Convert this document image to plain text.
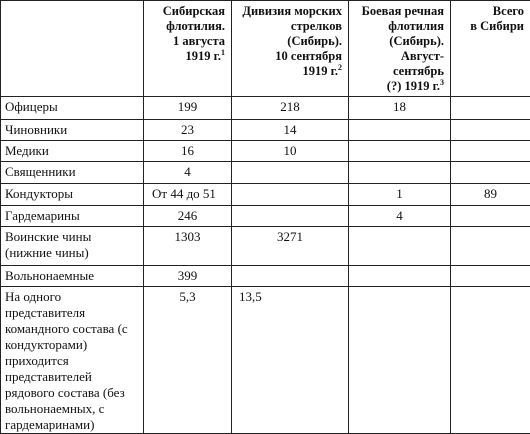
	Сибирская
флотилия.
1 августа
1919 г.$^1$	Дивизия морских
стрелков
(Сибирь).
10 сентября
1919 г.$^2$	Боевая речная
флотилия
(Сибирь).
Август-сентябрь
(?) 1919 г.$^3$	Всего
в Сибири
Офицеры	199	218	18	
Чиновники	23	14		
Медики	16	10		
Священники	4			
Кондукторы	От 44 до 51		1	89
Гардемарины	246		4	
Воинские чины (нижние чины)	1303	3271		
Вольнонаемные	399			
На одного представителя командного состава (с кондукторами) приходится представителей рядового состава (без вольнонаемных, с гардемаринами)	5,3	13,5		
